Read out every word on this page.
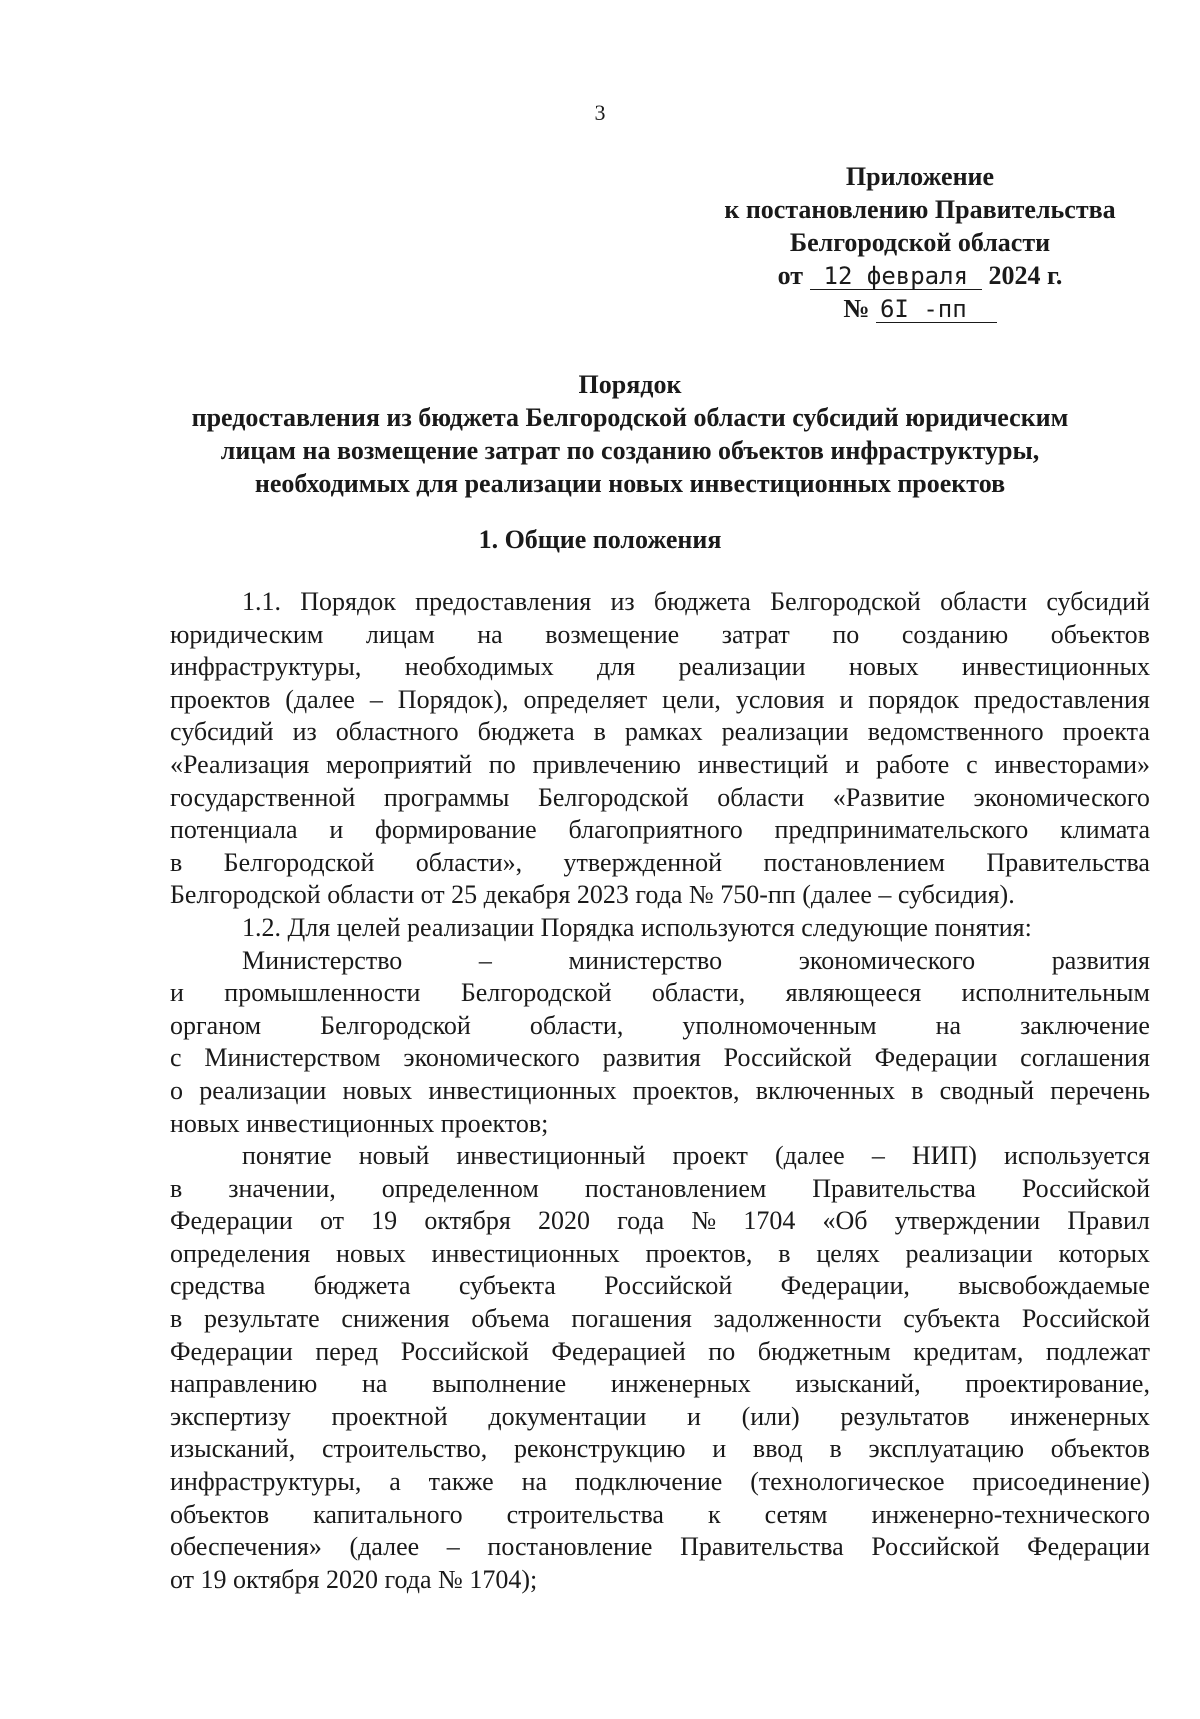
3
Приложение
к постановлению Правительства
Белгородской области
от 12 февраля 2024 г.
№ 6I -пп
Порядок
предоставления из бюджета Белгородской области субсидий юридическим
лицам на возмещение затрат по созданию объектов инфраструктуры,
необходимых для реализации новых инвестиционных проектов
1. Общие положения
1.1. Порядок предоставления из бюджета Белгородской области субсидий
юридическим лицам на возмещение затрат по созданию объектов
инфраструктуры, необходимых для реализации новых инвестиционных
проектов (далее – Порядок), определяет цели, условия и порядок предоставления
субсидий из областного бюджета в рамках реализации ведомственного проекта
«Реализация мероприятий по привлечению инвестиций и работе с инвесторами»
государственной программы Белгородской области «Развитие экономического
потенциала и формирование благоприятного предпринимательского климата
в Белгородской области», утвержденной постановлением Правительства
Белгородской области от 25 декабря 2023 года № 750-пп (далее – субсидия).
1.2. Для целей реализации Порядка используются следующие понятия:
Министерство	–	министерство	экономического	развития
и промышленности Белгородской области, являющееся исполнительным
органом Белгородской области, уполномоченным на заключение
с Министерством экономического развития Российской Федерации соглашения
о реализации новых инвестиционных проектов, включенных в сводный перечень
новых инвестиционных проектов;
понятие новый инвестиционный проект (далее – НИП) используется
в значении, определенном постановлением Правительства Российской
Федерации от 19 октября 2020 года № 1704 «Об утверждении Правил
определения новых инвестиционных проектов, в целях реализации которых
средства бюджета субъекта Российской Федерации, высвобождаемые
в результате снижения объема погашения задолженности субъекта Российской
Федерации перед Российской Федерацией по бюджетным кредитам, подлежат
направлению на выполнение инженерных изысканий, проектирование,
экспертизу проектной документации и (или) результатов инженерных
изысканий, строительство, реконструкцию и ввод в эксплуатацию объектов
инфраструктуры, а также на подключение (технологическое присоединение)
объектов капитального строительства к сетям инженерно-технического
обеспечения» (далее – постановление Правительства Российской Федерации
от 19 октября 2020 года № 1704);
